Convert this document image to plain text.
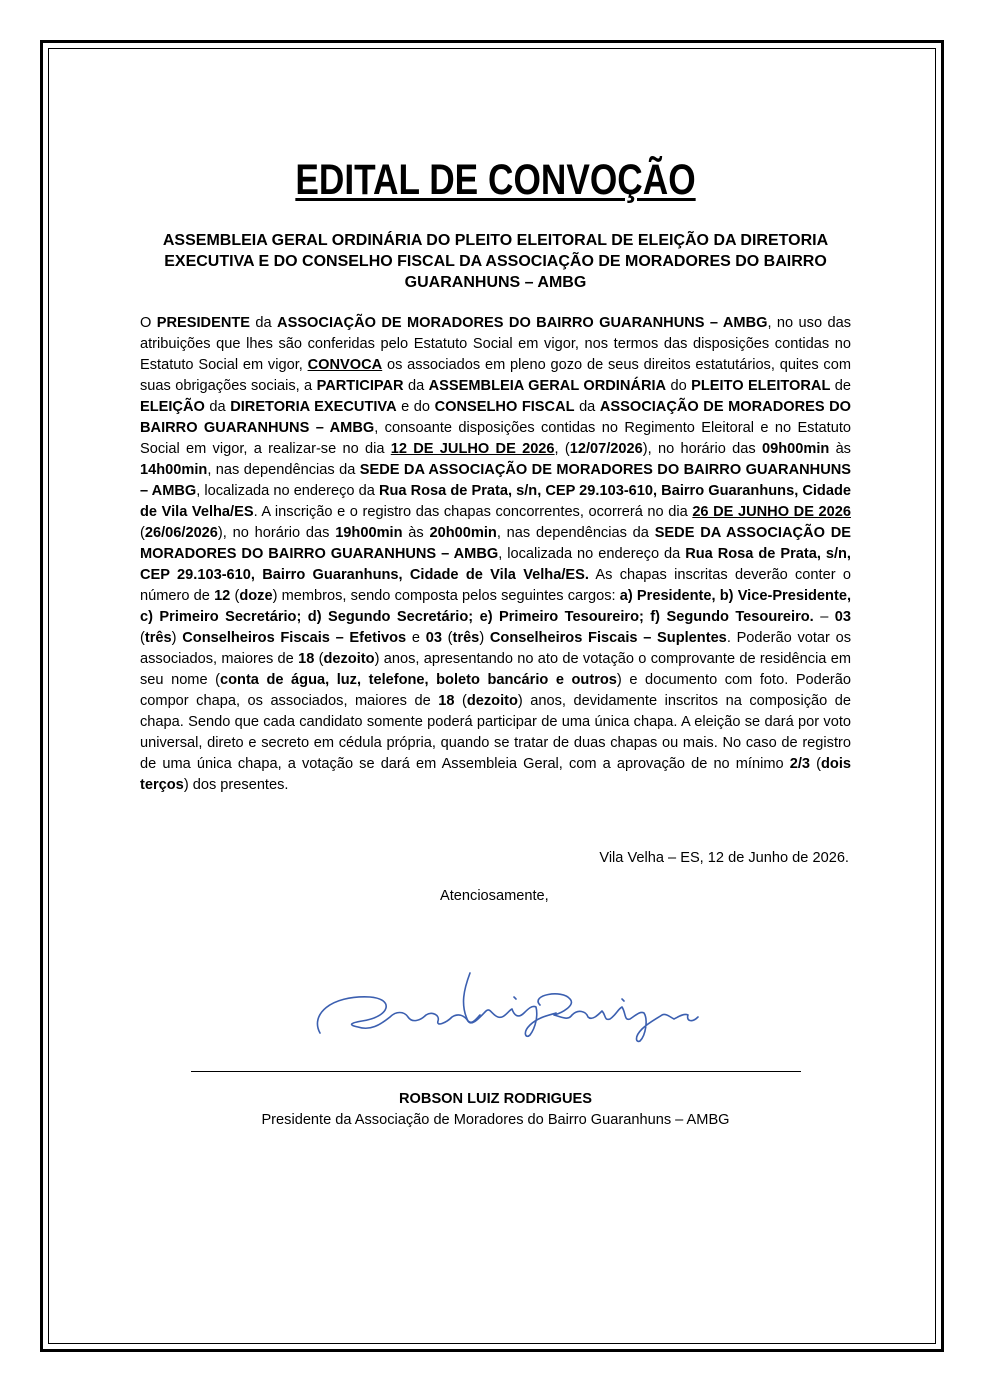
EDITAL DE CONVOÇÃO
ASSEMBLEIA GERAL ORDINÁRIA DO PLEITO ELEITORAL DE ELEIÇÃO DA DIRETORIA EXECUTIVA E DO CONSELHO FISCAL DA ASSOCIAÇÃO DE MORADORES DO BAIRRO GUARANHUNS – AMBG
O PRESIDENTE da ASSOCIAÇÃO DE MORADORES DO BAIRRO GUARANHUNS – AMBG, no uso das atribuições que lhes são conferidas pelo Estatuto Social em vigor, nos termos das disposições contidas no Estatuto Social em vigor, CONVOCA os associados em pleno gozo de seus direitos estatutários, quites com suas obrigações sociais, a PARTICIPAR da ASSEMBLEIA GERAL ORDINÁRIA do PLEITO ELEITORAL de ELEIÇÃO da DIRETORIA EXECUTIVA e do CONSELHO FISCAL da ASSOCIAÇÃO DE MORADORES DO BAIRRO GUARANHUNS – AMBG, consoante disposições contidas no Regimento Eleitoral e no Estatuto Social em vigor, a realizar-se no dia 12 DE JULHO DE 2026, (12/07/2026), no horário das 09h00min às 14h00min, nas dependências da SEDE DA ASSOCIAÇÃO DE MORADORES DO BAIRRO GUARANHUNS – AMBG, localizada no endereço da Rua Rosa de Prata, s/n, CEP 29.103-610, Bairro Guaranhuns, Cidade de Vila Velha/ES. A inscrição e o registro das chapas concorrentes, ocorrerá no dia 26 DE JUNHO DE 2026 (26/06/2026), no horário das 19h00min às 20h00min, nas dependências da SEDE DA ASSOCIAÇÃO DE MORADORES DO BAIRRO GUARANHUNS – AMBG, localizada no endereço da Rua Rosa de Prata, s/n, CEP 29.103-610, Bairro Guaranhuns, Cidade de Vila Velha/ES. As chapas inscritas deverão conter o número de 12 (doze) membros, sendo composta pelos seguintes cargos: a) Presidente, b) Vice-Presidente, c) Primeiro Secretário; d) Segundo Secretário; e) Primeiro Tesoureiro; f) Segundo Tesoureiro. – 03 (três) Conselheiros Fiscais – Efetivos e 03 (três) Conselheiros Fiscais – Suplentes. Poderão votar os associados, maiores de 18 (dezoito) anos, apresentando no ato de votação o comprovante de residência em seu nome (conta de água, luz, telefone, boleto bancário e outros) e documento com foto. Poderão compor chapa, os associados, maiores de 18 (dezoito) anos, devidamente inscritos na composição de chapa. Sendo que cada candidato somente poderá participar de uma única chapa. A eleição se dará por voto universal, direto e secreto em cédula própria, quando se tratar de duas chapas ou mais. No caso de registro de uma única chapa, a votação se dará em Assembleia Geral, com a aprovação de no mínimo 2/3 (dois terços) dos presentes.
Vila Velha – ES, 12 de Junho de 2026.
Atenciosamente,
ROBSON LUIZ RODRIGUES
Presidente da Associação de Moradores do Bairro Guaranhuns – AMBG
